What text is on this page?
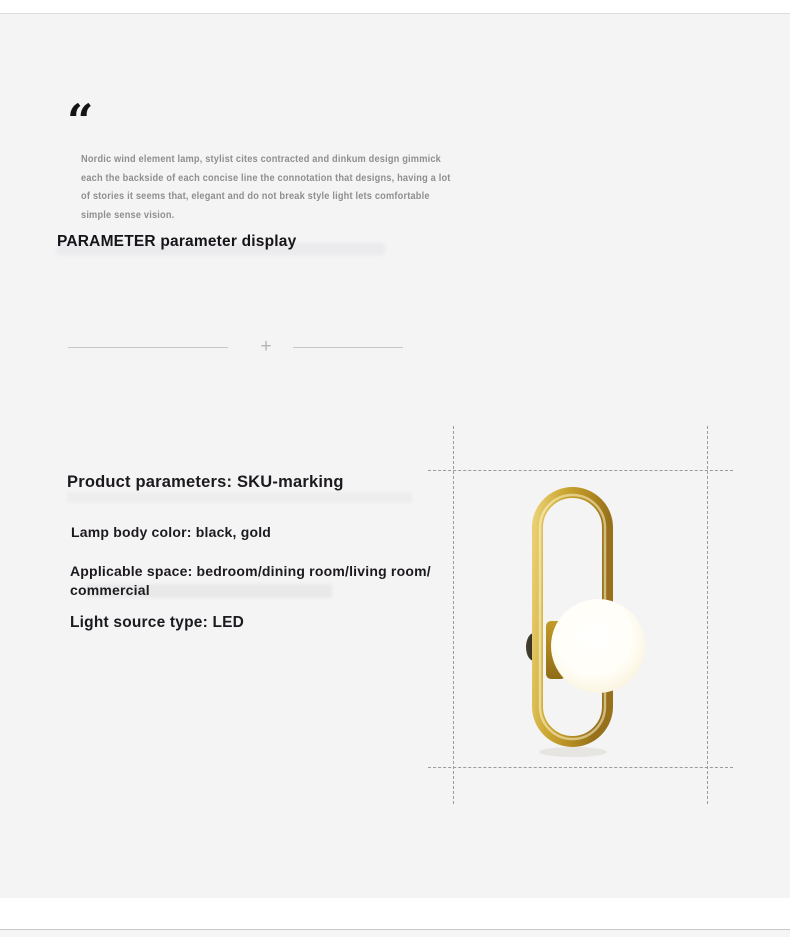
“
Nordic wind element lamp, stylist cites contracted and dinkum design gimmick
each the backside of each concise line the connotation that designs, having a lot
of stories it seems that, elegant and do not break style light lets comfortable
simple sense vision.
PARAMETER parameter display
+

Product parameters: SKU-marking

Lamp body color: black, gold

Applicable space: bedroom/dining room/living room/
commercial

Light source type: LED
